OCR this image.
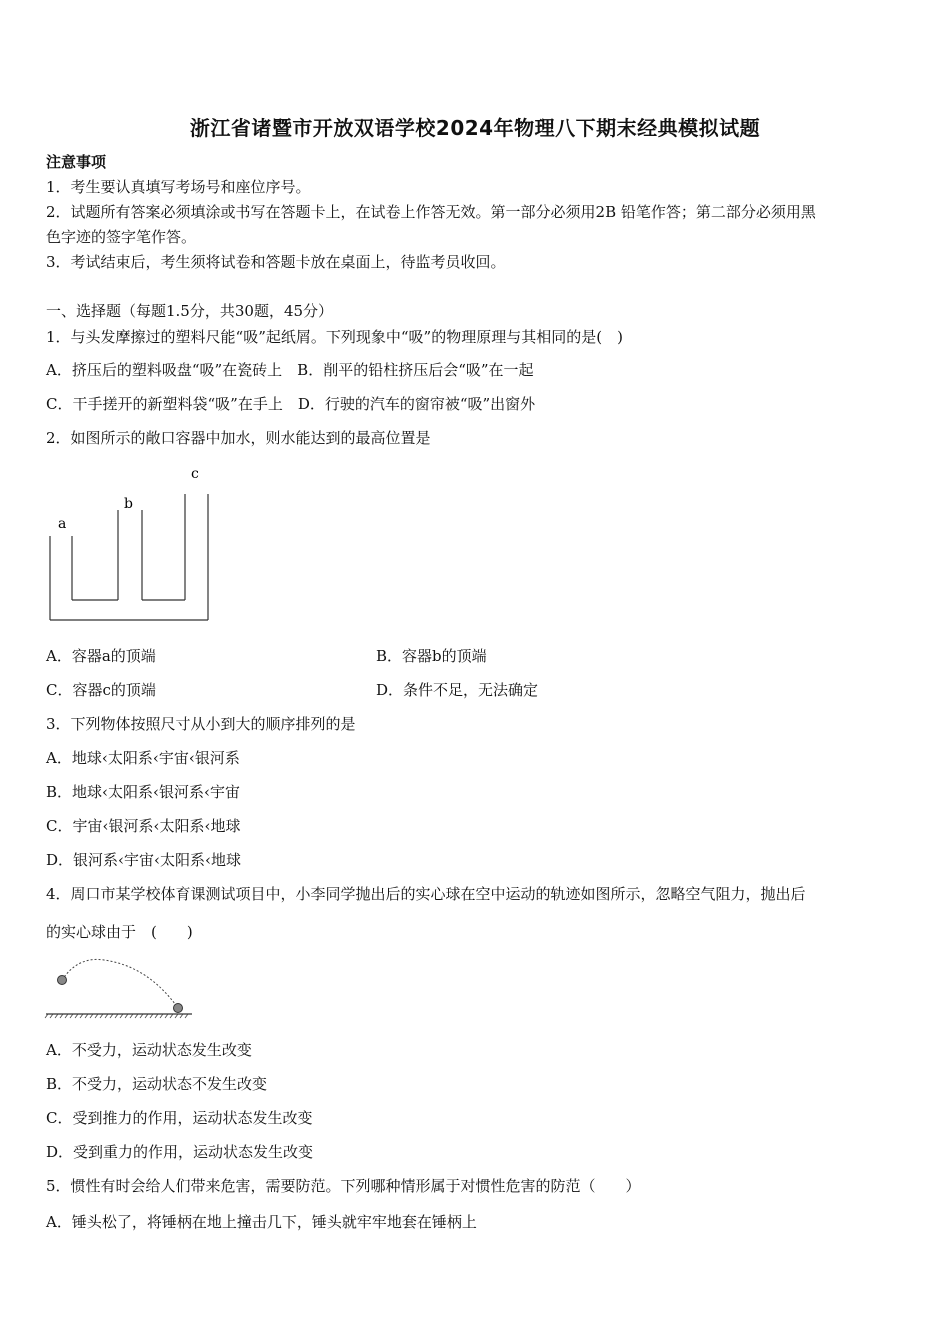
浙江省诸暨市开放双语学校2024年物理八下期末经典模拟试题
注意事项
1．考生要认真填写考场号和座位序号。
2．试题所有答案必须填涂或书写在答题卡上，在试卷上作答无效。第一部分必须用2B 铅笔作答；第二部分必须用黑
色字迹的签字笔作答。
3．考试结束后，考生须将试卷和答题卡放在桌面上，待监考员收回。
一、选择题（每题1.5分，共30题，45分）
1．与头发摩擦过的塑料尺能“吸”起纸屑。下列现象中“吸”的物理原理与其相同的是(　)
A．挤压后的塑料吸盘“吸”在瓷砖上　B．削平的铅柱挤压后会“吸”在一起
C．干手搓开的新塑料袋“吸”在手上　D．行驶的汽车的窗帘被“吸”出窗外
2．如图所示的敞口容器中加水，则水能达到的最高位置是
a
b
c
A．容器a的顶端	B．容器b的顶端
C．容器c的顶端	D．条件不足，无法确定
3．下列物体按照尺寸从小到大的顺序排列的是
A．地球‹太阳系‹宇宙‹银河系
B．地球‹太阳系‹银河系‹宇宙
C．宇宙‹银河系‹太阳系‹地球
D．银河系‹宇宙‹太阳系‹地球
4．周口市某学校体育课测试项目中，小李同学抛出后的实心球在空中运动的轨迹如图所示，忽略空气阻力，抛出后
的实心球由于　(　　)
A．不受力，运动状态发生改变
B．不受力，运动状态不发生改变
C．受到推力的作用，运动状态发生改变
D．受到重力的作用，运动状态发生改变
5．惯性有时会给人们带来危害，需要防范。下列哪种情形属于对惯性危害的防范（　　）
A．锤头松了，将锤柄在地上撞击几下，锤头就牢牢地套在锤柄上
